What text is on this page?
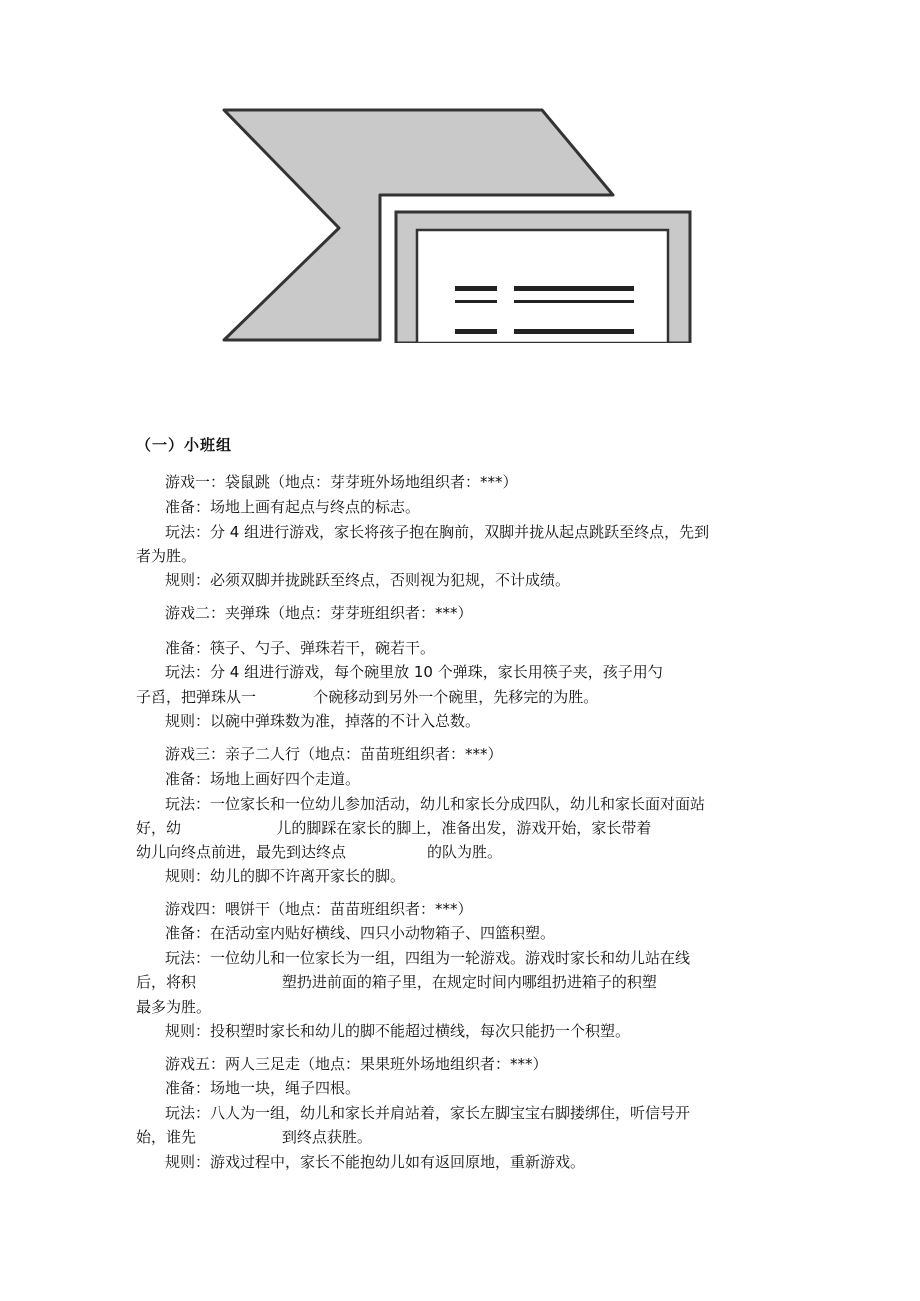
（一）小班组
游戏一：袋鼠跳（地点：芽芽班外场地组织者：***）
准备：场地上画有起点与终点的标志。
玩法：分 4 组进行游戏，家长将孩子抱在胸前，双脚并拢从起点跳跃至终点，先到
者为胜。
规则：必须双脚并拢跳跃至终点，否则视为犯规，不计成绩。
游戏二：夹弹珠（地点：芽芽班组织者：***）
准备：筷子、勺子、弹珠若干，碗若干。
玩法：分 4 组进行游戏，每个碗里放 10 个弹珠，家长用筷子夹，孩子用勺
子舀，把弹珠从一            个碗移动到另外一个碗里，先移完的为胜。
规则：以碗中弹珠数为准，掉落的不计入总数。
游戏三：亲子二人行（地点：苗苗班组织者：***）
准备：场地上画好四个走道。
玩法：一位家长和一位幼儿参加活动，幼儿和家长分成四队，幼儿和家长面对面站
好，幼                    儿的脚踩在家长的脚上，准备出发，游戏开始，家长带着
幼儿向终点前进，最先到达终点                 的队为胜。
规则：幼儿的脚不许离开家长的脚。
游戏四：喂饼干（地点：苗苗班组织者：***）
准备：在活动室内贴好横线、四只小动物箱子、四篮积塑。
玩法：一位幼儿和一位家长为一组，四组为一轮游戏。游戏时家长和幼儿站在线
后，将积                  塑扔进前面的箱子里，在规定时间内哪组扔进箱子的积塑
最多为胜。
规则：投积塑时家长和幼儿的脚不能超过横线，每次只能扔一个积塑。
游戏五：两人三足走（地点：果果班外场地组织者：***）
准备：场地一块，绳子四根。
玩法：八人为一组，幼儿和家长并肩站着，家长左脚宝宝右脚搂绑住，听信号开
始，谁先                  到终点获胜。
规则：游戏过程中，家长不能抱幼儿如有返回原地，重新游戏。
